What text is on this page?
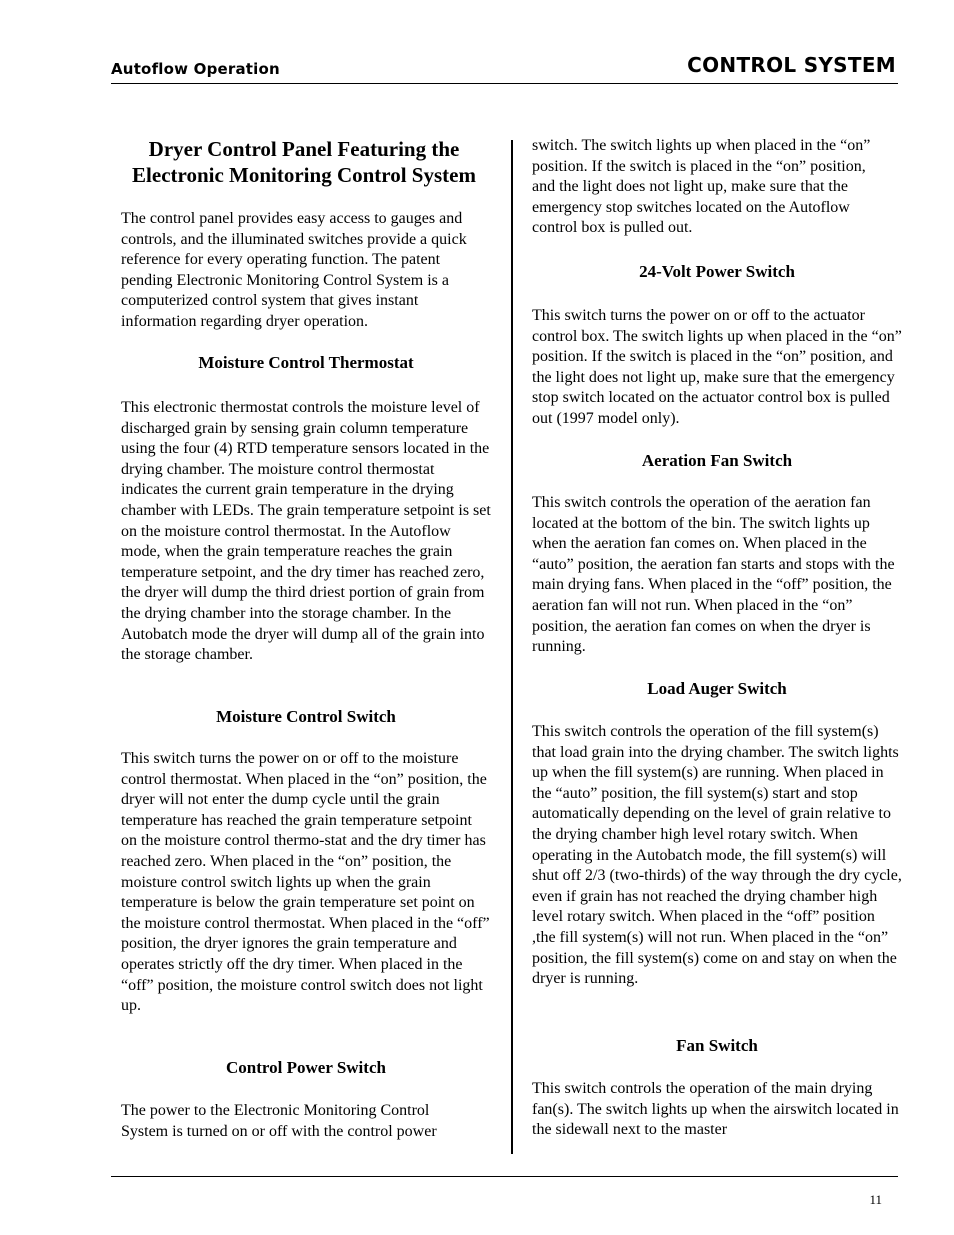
Autoflow Operation	CONTROL SYSTEM
Dryer Control Panel Featuring the
Electronic Monitoring Control System

The control panel provides easy access to gauges and controls, and the illuminated switches provide a quick reference for every operating function. The patent pending Electronic Monitoring Control System is a computerized control system that gives instant information regarding dryer operation.

Moisture Control Thermostat

This electronic thermostat controls the moisture level of discharged grain by sensing grain column temperature using the four (4) RTD temperature sensors located in the drying chamber. The moisture control thermostat indicates the current grain temperature in the drying chamber with LEDs. The grain temperature setpoint is set on the moisture control thermostat. In the Autoflow mode, when the grain temperature reaches the grain temperature setpoint, and the dry timer has reached zero, the dryer will dump the third driest portion of grain from the drying chamber into the storage chamber. In the Autobatch mode the dryer will dump all of the grain into the storage chamber.

Moisture Control Switch

This switch turns the power on or off to the moisture control thermostat. When placed in the “on” position, the dryer will not enter the dump cycle until the grain temperature has reached the grain temperature setpoint on the moisture control thermo-stat and the dry timer has reached zero. When placed in the “on” position, the moisture control switch lights up when the grain temperature is below the grain temperature set point on the moisture control thermostat. When placed in the “off” position, the dryer ignores the grain temperature and operates strictly off the dry timer. When placed in the “off” position, the moisture control switch does not light up.

Control Power Switch

The power to the Electronic Monitoring Control System is turned on or off with the control power

switch. The switch lights up when placed in the “on” position. If the switch is placed in the “on” position, and the light does not light up, make sure that the emergency stop switches located on the Autoflow control box is pulled out.

24-Volt Power Switch

This switch turns the power on or off to the actuator control box. The switch lights up when placed in the “on” position. If the switch is placed in the “on” position, and the light does not light up, make sure that the emergency stop switch located on the actuator control box is pulled out (1997 model only).

Aeration Fan Switch

This switch controls the operation of the aeration fan located at the bottom of the bin. The switch lights up when the aeration fan comes on. When placed in the “auto” position, the aeration fan starts and stops with the main drying fans. When placed in the “off” position, the aeration fan will not run. When placed in the “on” position, the aeration fan comes on when the dryer is running.

Load Auger Switch

This switch controls the operation of the fill system(s) that load grain into the drying chamber. The switch lights up when the fill system(s) are running. When placed in the “auto” position, the fill system(s) start and stop automatically depending on the level of grain relative to the drying chamber high level rotary switch. When operating in the Autobatch mode, the fill system(s) will shut off 2/3 (two-thirds) of the way through the dry cycle, even if grain has not reached the drying chamber high level rotary switch. When placed in the “off” position ,the fill system(s) will not run. When placed in the “on” position, the fill system(s) come on and stay on when the dryer is running.

Fan Switch

This switch controls the operation of the main drying fan(s). The switch lights up when the airswitch located in the sidewall next to the master

11
